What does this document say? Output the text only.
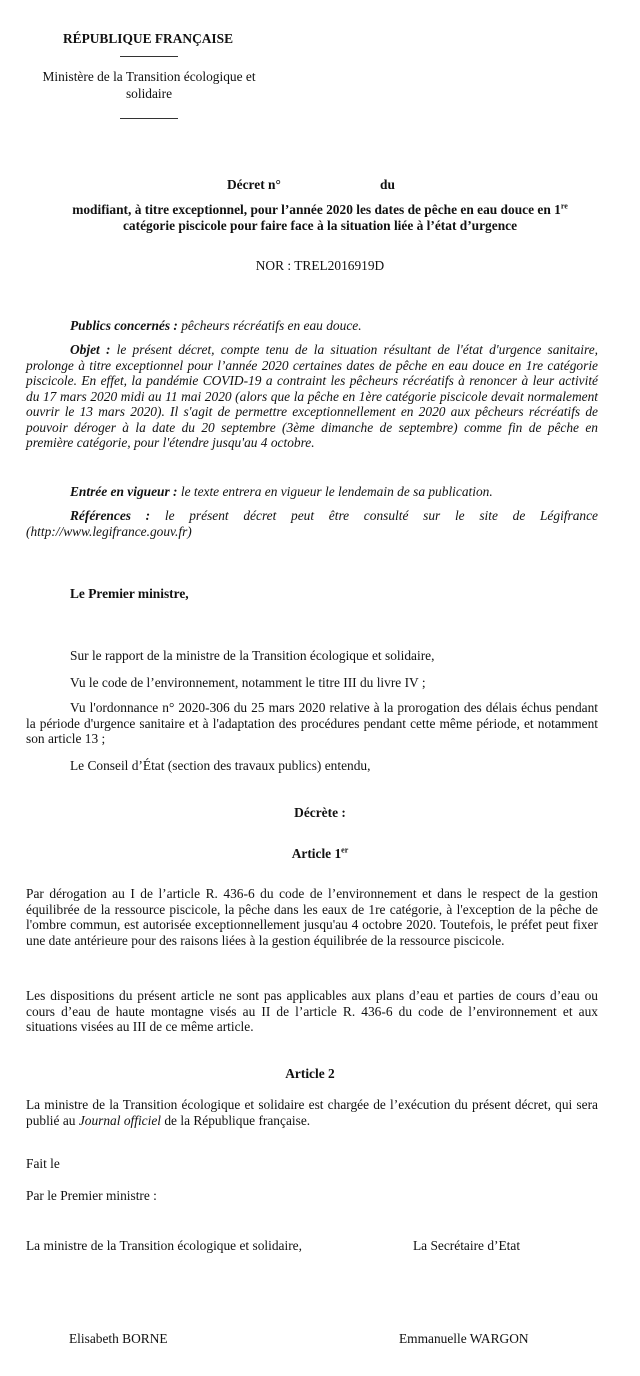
RÉPUBLIQUE FRANÇAISE
Ministère de la Transition écologique et
solidaire
Décret n°	du
modifiant, à titre exceptionnel, pour l’année 2020 les dates de pêche en eau douce en 1re
catégorie piscicole pour faire face à la situation liée à l’état d’urgence
NOR : TREL2016919D
Publics concernés : pêcheurs récréatifs en eau douce.
Objet : le présent décret, compte tenu de la situation résultant de l'état d'urgence sanitaire, prolonge à titre exceptionnel pour l’année 2020 certaines dates de pêche en eau douce en 1re catégorie piscicole. En effet, la pandémie COVID-19 a contraint les pêcheurs récréatifs à renoncer à leur activité du 17 mars 2020 midi au 11 mai 2020 (alors que la pêche en 1ère catégorie piscicole devait normalement ouvrir le 13 mars 2020). Il s'agit de permettre exceptionnellement en 2020 aux pêcheurs récréatifs de pouvoir déroger à la date du 20 septembre (3ème dimanche de septembre) comme fin de pêche en première catégorie, pour l'étendre jusqu'au 4 octobre.
Entrée en vigueur : le texte entrera en vigueur le lendemain de sa publication.
Références : le présent décret peut être consulté sur le site de Légifrance (http://www.legifrance.gouv.fr)
Le Premier ministre,
Sur le rapport de la ministre de la Transition écologique et solidaire,
Vu le code de l’environnement, notamment le titre III du livre IV ;
Vu l'ordonnance n° 2020-306 du 25 mars 2020 relative à la prorogation des délais échus pendant la période d'urgence sanitaire et à l'adaptation des procédures pendant cette même période, et notamment son article 13 ;
Le Conseil d’État (section des travaux publics) entendu,
Décrète :
Article 1er
Par dérogation au I de l’article R. 436-6 du code de l’environnement et dans le respect de la gestion équilibrée de la ressource piscicole, la pêche dans les eaux de 1re catégorie, à l'exception de la pêche de l'ombre commun, est autorisée exceptionnellement jusqu'au 4 octobre 2020. Toutefois, le préfet peut fixer une date antérieure pour des raisons liées à la gestion équilibrée de la ressource piscicole.
Les dispositions du présent article ne sont pas applicables aux plans d’eau et parties de cours d’eau ou cours d’eau de haute montagne visés au II de l’article R. 436-6 du code de l’environnement et aux situations visées au III de ce même article.
Article 2
La ministre de la Transition écologique et solidaire est chargée de l’exécution du présent décret, qui sera publié au Journal officiel de la République française.
Fait le
Par le Premier ministre :
La ministre de la Transition écologique et solidaire,	La Secrétaire d’Etat
Elisabeth BORNE	Emmanuelle WARGON
